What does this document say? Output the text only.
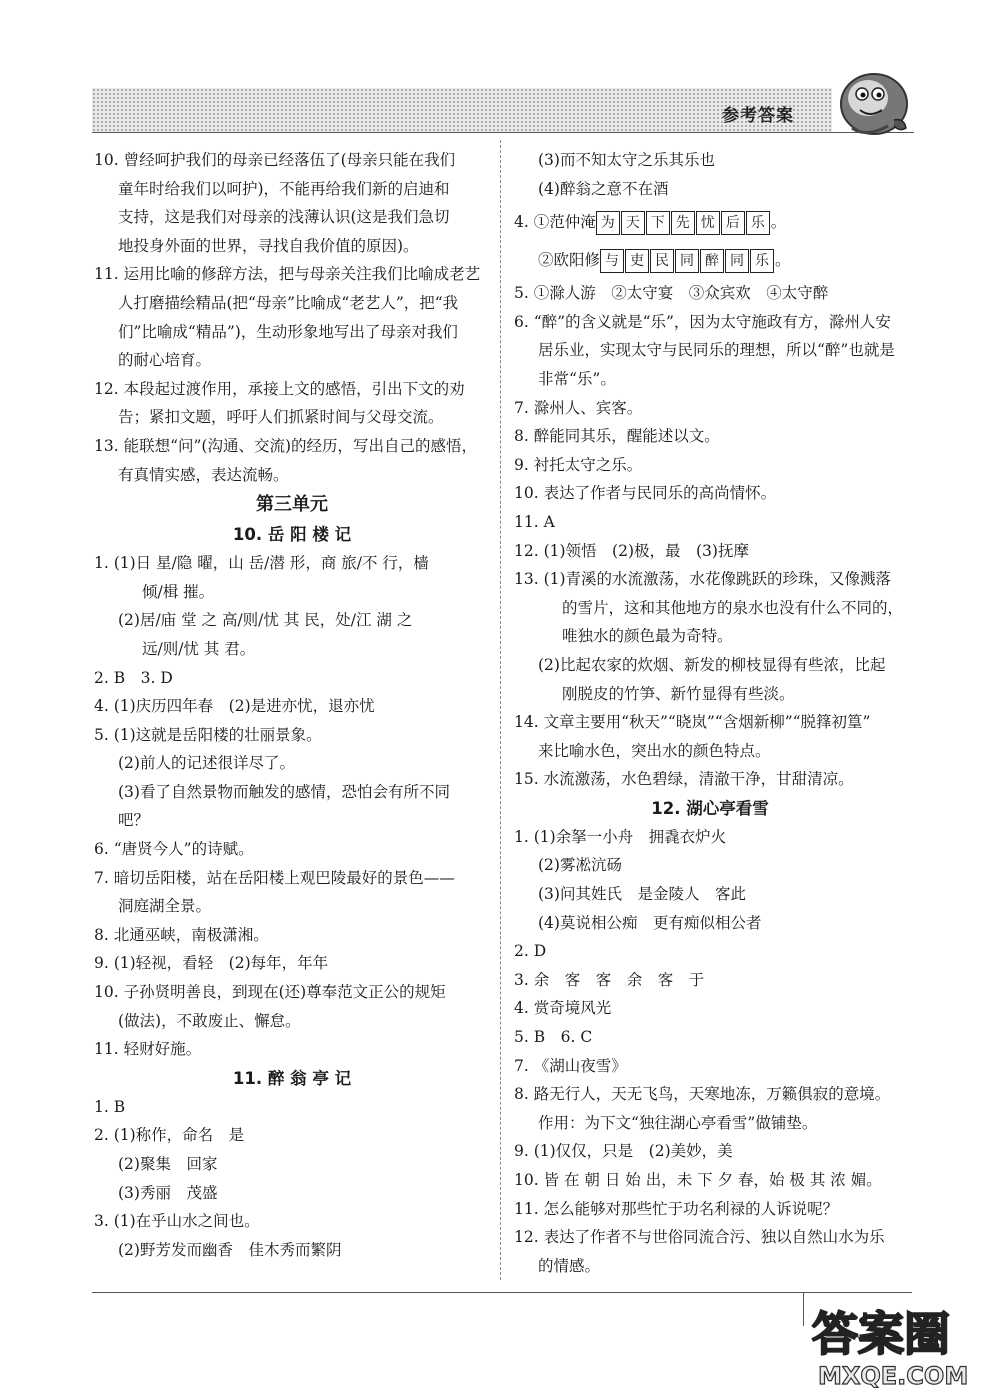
参考答案
10. 曾经呵护我们的母亲已经落伍了(母亲只能在我们
童年时给我们以呵护)，不能再给我们新的启迪和
支持，这是我们对母亲的浅薄认识(这是我们急切
地投身外面的世界，寻找自我价值的原因)。
11. 运用比喻的修辞方法，把与母亲关注我们比喻成老艺
人打磨描绘精品(把“母亲”比喻成“老艺人”，把“我
们”比喻成“精品”)，生动形象地写出了母亲对我们
的耐心培育。
12. 本段起过渡作用，承接上文的感悟，引出下文的劝
告；紧扣文题，呼吁人们抓紧时间与父母交流。
13. 能联想“问”(沟通、交流)的经历，写出自己的感悟，
有真情实感，表达流畅。
第三单元
10. 岳 阳 楼 记
1. (1)日 星/隐 曜，山 岳/潜 形，商 旅/不 行，樯
倾/楫 摧。
(2)居/庙 堂 之 高/则/忧 其 民，处/江 湖 之
远/则/忧 其 君。
2. B　3. D
4. (1)庆历四年春　(2)是进亦忧，退亦忧
5. (1)这就是岳阳楼的壮丽景象。
(2)前人的记述很详尽了。
(3)看了自然景物而触发的感情，恐怕会有所不同
吧？
6. “唐贤今人”的诗赋。
7. 暗切岳阳楼，站在岳阳楼上观巴陵最好的景色——
洞庭湖全景。
8. 北通巫峡，南极潇湘。
9. (1)轻视，看轻　(2)每年，年年
10. 子孙贤明善良，到现在(还)尊奉范文正公的规矩
(做法)，不敢废止、懈怠。
11. 轻财好施。
11. 醉 翁 亭 记
1. B
2. (1)称作，命名　是
(2)聚集　回家
(3)秀丽　茂盛
3. (1)在乎山水之间也。
(2)野芳发而幽香　佳木秀而繁阴
(3)而不知太守之乐其乐也
(4)醉翁之意不在酒
4. ①范仲淹 为 天 下 先 忧 后 乐 。
②欧阳修 与 吏 民 同 醉 同 乐 。
5. ①滁人游　②太守宴　③众宾欢　④太守醉
6. “醉”的含义就是“乐”，因为太守施政有方，滁州人安
居乐业，实现太守与民同乐的理想，所以“醉”也就是
非常“乐”。
7. 滁州人、宾客。
8. 醉能同其乐，醒能述以文。
9. 衬托太守之乐。
10. 表达了作者与民同乐的高尚情怀。
11. A
12. (1)领悟　(2)极，最　(3)抚摩
13. (1)青溪的水流激荡，水花像跳跃的珍珠，又像溅落
的雪片，这和其他地方的泉水也没有什么不同的，
唯独水的颜色最为奇特。
(2)比起农家的炊烟、新发的柳枝显得有些浓，比起
刚脱皮的竹笋、新竹显得有些淡。
14. 文章主要用“秋天”“晓岚”“含烟新柳”“脱箨初篁”
来比喻水色，突出水的颜色特点。
15. 水流激荡，水色碧绿，清澈干净，甘甜清凉。
12. 湖心亭看雪
1. (1)余拏一小舟　拥毳衣炉火
(2)雾凇沆砀
(3)问其姓氏　是金陵人　客此
(4)莫说相公痴　更有痴似相公者
2. D
3. 余　客　客　余　客　于
4. 赏奇境风光
5. B　6. C
7. 《湖山夜雪》
8. 路无行人，天无飞鸟，天寒地冻，万籁俱寂的意境。
作用：为下文“独往湖心亭看雪”做铺垫。
9. (1)仅仅，只是　(2)美妙，美
10. 皆 在 朝 日 始 出，未 下 夕 春，始 极 其 浓 媚。
11. 怎么能够对那些忙于功名利禄的人诉说呢？
12. 表达了作者不与世俗同流合污、独以自然山水为乐
的情感。
答案圈
MXQE.COM
